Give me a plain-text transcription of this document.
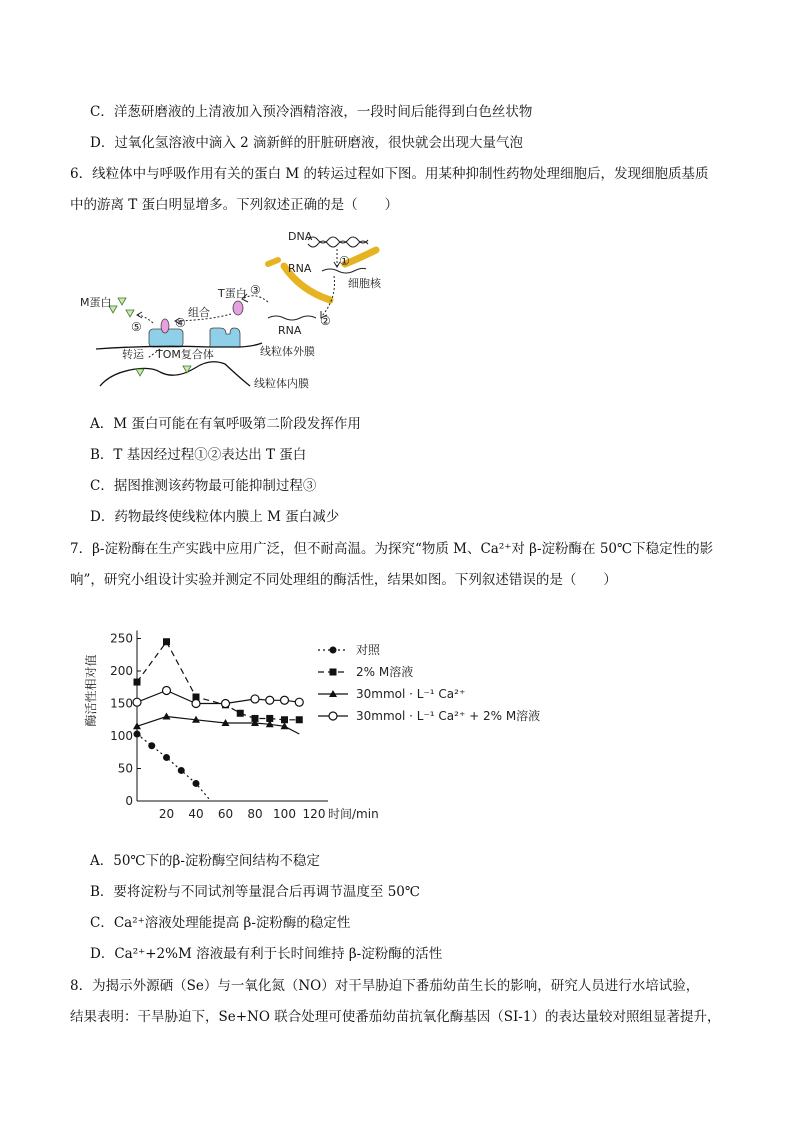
C．洋葱研磨液的上清液加入预冷酒精溶液，一段时间后能得到白色丝状物
D．过氧化氢溶液中滴入 2 滴新鲜的肝脏研磨液，很快就会出现大量气泡
6．线粒体中与呼吸作用有关的蛋白 M 的转运过程如下图。用某种抑制性药物处理细胞后，发现细胞质基质
中的游离 T 蛋白明显增多。下列叙述正确的是（　　）
DNA
RNA
细胞核
RNA
T蛋白
组合
M蛋白
转运 TOM复合体	线粒体外膜
线粒体内膜
①
②
③
④
⑤
A．M 蛋白可能在有氧呼吸第二阶段发挥作用
B．T 基因经过程①②表达出 T 蛋白
C．据图推测该药物最可能抑制过程③
D．药物最终使线粒体内膜上 M 蛋白减少
7．β-淀粉酶在生产实践中应用广泛，但不耐高温。为探究“物质 M、Ca²⁺对 β-淀粉酶在 50℃下稳定性的影
响”，研究小组设计实验并测定不同处理组的酶活性，结果如图。下列叙述错误的是（　　）
0
50
100
150
200
250
20 40 60 80 100 120 时间/min
酶活性相对值
对照
2% M溶液
30mmol · L⁻¹ Ca²⁺
30mmol · L⁻¹ Ca²⁺ + 2% M溶液
A．50℃下的β-淀粉酶空间结构不稳定
B．要将淀粉与不同试剂等量混合后再调节温度至 50℃
C．Ca²⁺溶液处理能提高 β-淀粉酶的稳定性
D．Ca²⁺+2%M 溶液最有利于长时间维持 β-淀粉酶的活性
8．为揭示外源硒（Se）与一氧化氮（NO）对干旱胁迫下番茄幼苗生长的影响，研究人员进行水培试验，
结果表明：干旱胁迫下，Se+NO 联合处理可使番茄幼苗抗氧化酶基因（SI-1）的表达量较对照组显著提升，
